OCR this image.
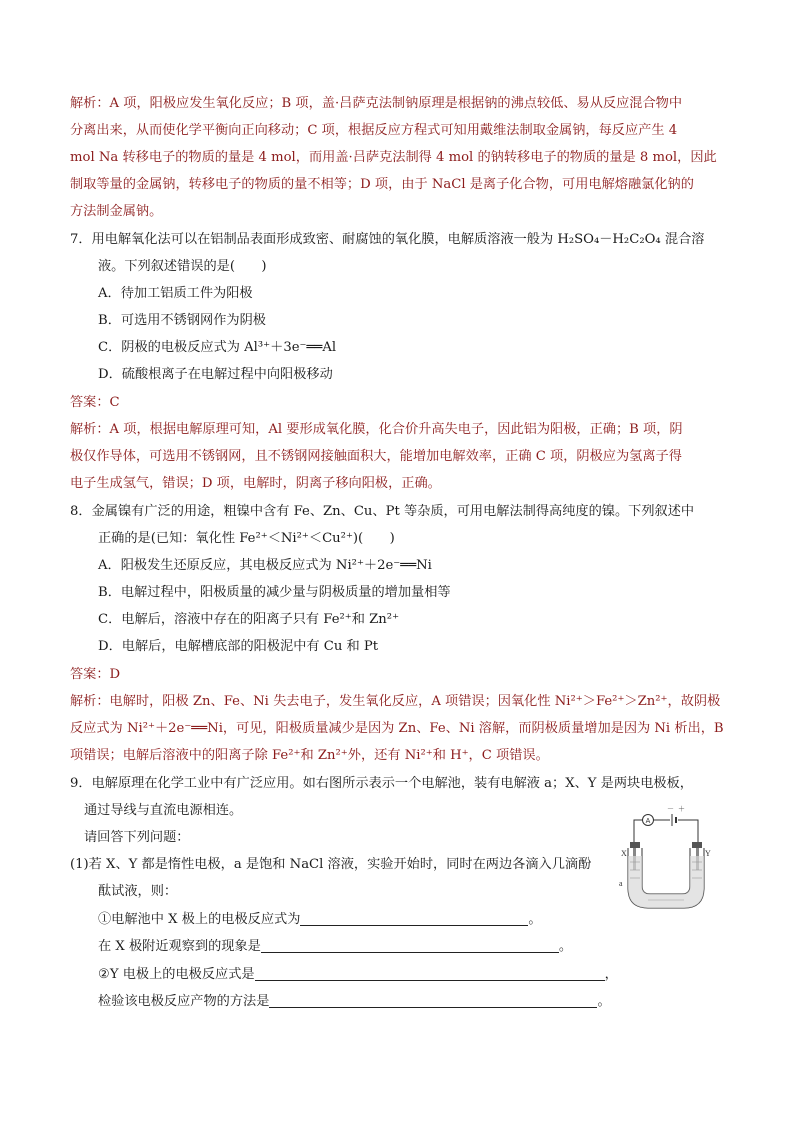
解析：A 项，阳极应发生氧化反应；B 项，盖·吕萨克法制钠原理是根据钠的沸点较低、易从反应混合物中
分离出来，从而使化学平衡向正向移动；C 项，根据反应方程式可知用戴维法制取金属钠，每反应产生 4
mol Na 转移电子的物质的量是 4 mol，而用盖·吕萨克法制得 4 mol 的钠转移电子的物质的量是 8 mol，因此
制取等量的金属钠，转移电子的物质的量不相等；D 项，由于 NaCl 是离子化合物，可用电解熔融氯化钠的
方法制金属钠。
7．用电解氧化法可以在铝制品表面形成致密、耐腐蚀的氧化膜，电解质溶液一般为 H₂SO₄－H₂C₂O₄ 混合溶
液。下列叙述错误的是(　　)
A．待加工铝质工件为阳极
B．可选用不锈钢网作为阴极
C．阴极的电极反应式为 Al³⁺＋3e⁻══Al
D．硫酸根离子在电解过程中向阳极移动
答案：C
解析：A 项，根据电解原理可知，Al 要形成氧化膜，化合价升高失电子，因此铝为阳极，正确；B 项，阴
极仅作导体，可选用不锈钢网，且不锈钢网接触面积大，能增加电解效率，正确 C 项，阴极应为氢离子得
电子生成氢气，错误；D 项，电解时，阴离子移向阳极，正确。
8．金属镍有广泛的用途，粗镍中含有 Fe、Zn、Cu、Pt 等杂质，可用电解法制得高纯度的镍。下列叙述中
正确的是(已知：氧化性 Fe²⁺＜Ni²⁺＜Cu²⁺)(　　)
A．阳极发生还原反应，其电极反应式为 Ni²⁺＋2e⁻══Ni
B．电解过程中，阳极质量的减少量与阴极质量的增加量相等
C．电解后，溶液中存在的阳离子只有 Fe²⁺和 Zn²⁺
D．电解后，电解槽底部的阳极泥中有 Cu 和 Pt
答案：D
解析：电解时，阳极 Zn、Fe、Ni 失去电子，发生氧化反应，A 项错误；因氧化性 Ni²⁺＞Fe²⁺＞Zn²⁺，故阴极
反应式为 Ni²⁺＋2e⁻══Ni，可见，阳极质量减少是因为 Zn、Fe、Ni 溶解，而阴极质量增加是因为 Ni 析出，B
项错误；电解后溶液中的阳离子除 Fe²⁺和 Zn²⁺外，还有 Ni²⁺和 H⁺，C 项错误。
9．电解原理在化学工业中有广泛应用。如右图所示表示一个电解池，装有电解液 a；X、Y 是两块电极板，
通过导线与直流电源相连。
请回答下列问题：
(1)若 X、Y 都是惰性电极，a 是饱和 NaCl 溶液，实验开始时，同时在两边各滴入几滴酚
酞试液，则：
①电解池中 X 极上的电极反应式为	。
在 X 极附近观察到的现象是	。
②Y 电极上的电极反应式是	，
检验该电极反应产物的方法是	。
A
－ ＋
X	Y
a
